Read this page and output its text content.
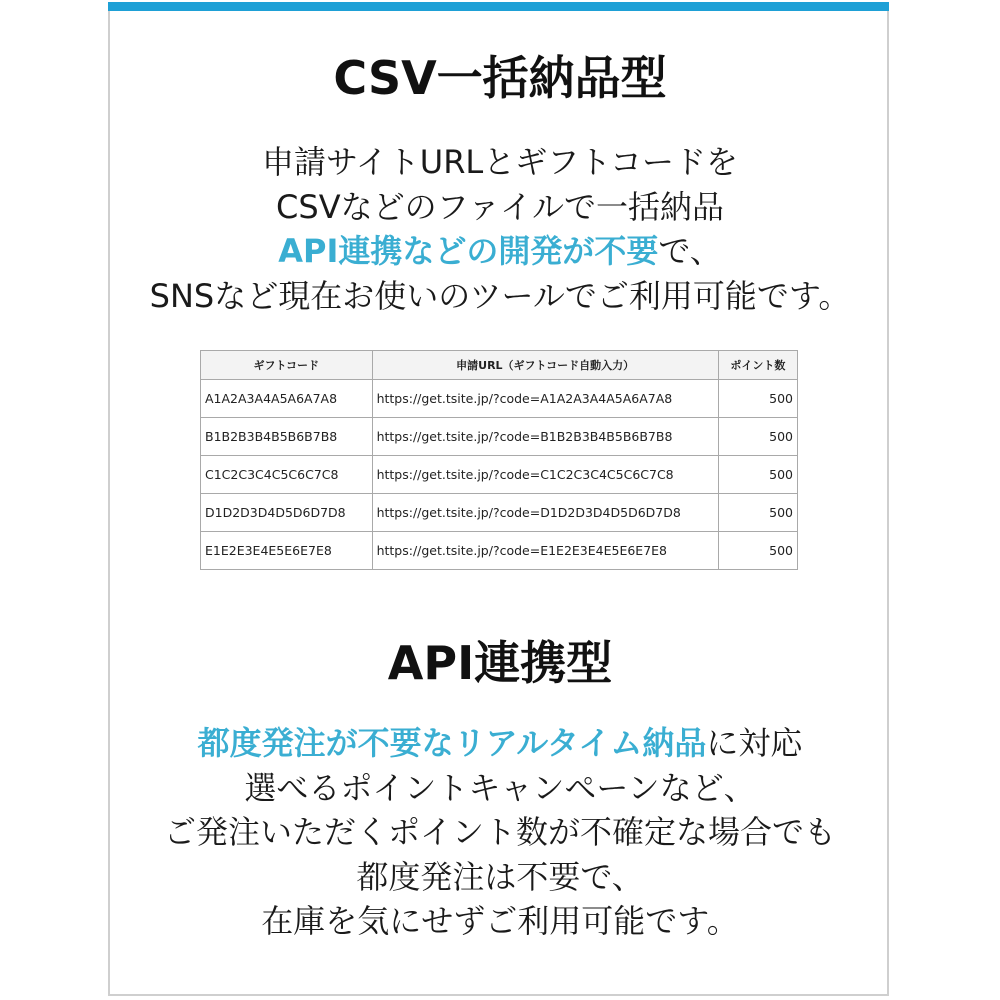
CSV一括納品型
申請サイトURLとギフトコードを
CSVなどのファイルで一括納品
API連携などの開発が不要で、
SNSなど現在お使いのツールでご利用可能です。
ギフトコード	申請URL（ギフトコード自動入力）	ポイント数
A1A2A3A4A5A6A7A8	https://get.tsite.jp/?code=A1A2A3A4A5A6A7A8	500
B1B2B3B4B5B6B7B8	https://get.tsite.jp/?code=B1B2B3B4B5B6B7B8	500
C1C2C3C4C5C6C7C8	https://get.tsite.jp/?code=C1C2C3C4C5C6C7C8	500
D1D2D3D4D5D6D7D8	https://get.tsite.jp/?code=D1D2D3D4D5D6D7D8	500
E1E2E3E4E5E6E7E8	https://get.tsite.jp/?code=E1E2E3E4E5E6E7E8	500
API連携型
都度発注が不要なリアルタイム納品に対応
選べるポイントキャンペーンなど、
ご発注いただくポイント数が不確定な場合でも
都度発注は不要で、
在庫を気にせずご利用可能です。
